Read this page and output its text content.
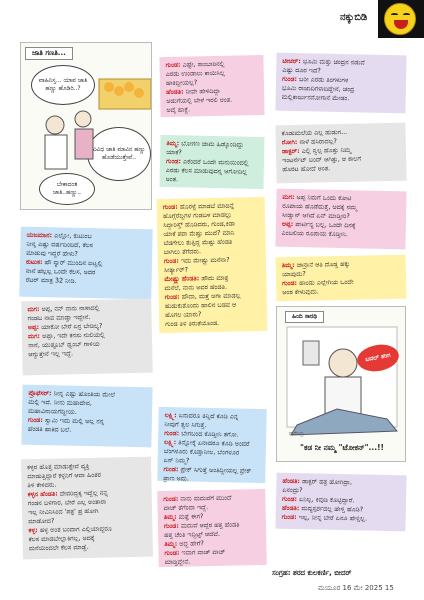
ನಕ್ಕುಬಿಡಿ
ಜಾತಿ ಗಣತಿ...
ವಾಹಿನಿಸ್ತ... ಯಾವ ಜಾತಿ ಹಣ್ಣು ಹೊಡಿರಿ..?
ವಿವಿಧ ಜಾತಿ ಮಾವಿನ ಹಣ್ಣು ಹೊಡೆಯುತ್ತೇವೆ..
ಬೇಕಾದಂತ ಜಾತಿ..ಹಣ್ಣು..
ಯಜಮಾನ: ಎಲ್ಲೋ, ಕುಟುಂಬ
ನೀನ್ನ ಎಷ್ಟು ವರ್ಷದಿಂದಿದೆ, ಕೆಲಸ
ಮಾಡುವು ಇದ್ದರೆ ಹೇಳು?
ಕುಟುಕ: ಹೌ ಸ್ಯಾರ್ ಮುಂದಿನ ಐಟ್ವಲ್ಲಿ
ನಾನೆ ಹೆಲ್ಲಲ್ಲ ಒಂದೇ ಕೆಲಸ, ಅದರ
ರೆಟರ್ ಮಾತ್ರ 32 ನೀಡಿ.
ಮಗ: ಅಪ್ಪ, ನನ್ ನಾನು ನಾಸಾದಲ್ಲಿ
ಗಂಡಬ ನಾವ ಮಾಡ್ತಾ ಇದ್ದೇನೆ.
ಅಪ್ಪ: ಯಾಕೋ ಬೇರೆ ಏನ್ರ ಬೇಡಿಲ್ಯ?
ಮಗ: ಅಪ್ಪಾ, ಇದೇ ಕನಸು ನುಲಿಯಲ್ಲಿ
ನಾನೆ, ಯುತ್ಟೂಬ್ ಥ್ವಂಬ್ ಗಾಳಿಯ
ಆಗ್ಯುತ್ತೇನೆ ಇಲ್ಲ ಇದ್ದೆ.
ಪ್ರೊಫೆಸರ್: ನೀನ್ನ ಎಷ್ಟು ಹೊಂತಿಯ ಮೇಲೆ
ಮಲ್ಲಿ ಇದೆ. ನೀನು ಮಹಾದೇವ,
ಮಹಾವಿನಾಯಗೆದ್ದೀಯ.
ಗುಂಡ: ಸ್ವಾಮಿ ಇದು ಮಲ್ಲಿ ಅಲ್ಲ ನನ್ನ
ಹೆಂಡತಿ ಹಾಕಿದ ಬಲೆ.
ಕಳ್ಳರ ಹೊತ್ತ ಮಾಡುತ್ತೇವೆ ವ್ಯಕ್ತಿ
ಮಾಡುತ್ತಿದ್ದಾರೆ ಕಳ್ಳನಿಗೆ ಆವಾ ಹಿಂತರ
ತಿಳಿ ಕೇಳಿದರು.
ಕಳ್ಳನ ಹೆಂಡತಿ: ದೇವರಿದ್ದಕ್ಕ ಇದ್ದೆಲ್ಲ ನನ್ನ
ಗಂಡನ ಬಳಿಗಾರ, ಬೇರೆ ಎಲ್ಲ ಅಂತಾರಾ
ಇಲ್ಲ ನೀವಿನಿಸಿಂದ 'ಪತ್ರ' ಪ್ರ ಹೋಗಿ
ಮಾಡೋದ?
ಕಳ್ಳ: ಹಳ್ಳ ಅಂತ ಬಂದಾಗ ಎಲ್ಲಿಯಾದ್ದರೂ
ಕೆಲಸ ಮಾಡಬೇಲ್ಲಾಕಿಗಲ್ಲ, ಅದಕ್ಕೆ
ಮನೆಯಿಂದಲೇ ಕೆಲಸ ಮಾಡ್ಡೆ.
ಗುಂಡ: ಎಷ್ಟೇ, ಸಾಂಬಾರಿನಲ್ಲಿ
ಎರಡು ಉಂಡಾಲು ಕಾಯಿಸಿಲ್ಲ
ಹಾಕಿದ್ದೀಯಲ್ಲ?
ಹೆಂಡತಿ: ನೀವೇ ಹೇಳಿದಿದ್ದಾ
ಅಡುಗೆಯಲ್ಲಿ ಬೇಳೆ ಇರಲಿ ಅಂತ.
ಅದ್ಕೆ ಹಾಕ್ದೆ.
ತಿಮ್ಮ: ಬೋಗಣ ಜಾಮ ಹಿಡ್ಕೊಂಡಿದ್ದು
ಯಾಕೆ?
ಗುಂಡ: ಎಕೆಂದರೆ ಒಂದೇ ಮನುಯಿಂದಲ್ಲಿ
ಎರಡು ಕೆಲಸ ಮಾಡುವುದನ್ನ ಆಗೋದಿಲ್ಲ
ಅಂತ.
ಗುಂಡ: ಹೊರಳ್ಟೆ ಮಾಡಬೆ ಮಾಡಿನ್ನೆ
ಹೊಗ್ಗೆರೆದ್ದಿಗಳ ಗುಡಬಳ ಮಾಡಲ್ಲು
ಸಿದ್ದಾರಿಸ್ತ್ ಹೊಡಿದರು, ಗುಂಡ,ಕಿಡಾ
ಯಾಕೆ ತಪಾ ಮೆಷ್ತು ಮುದೆ? ಮಾನಿ
ಬೆಡಗೇಲು ತುತ್ತಿದ್ದ ಮೆಷ್ಟು ಹೆಂಡತಿ
ಬಾಗಿಲು ತೆಗೆದರು.
ಗುಂಡ: ಇದು ಮೇಷ್ಟ್ರು ಮನೆನಾ?
ಸೀರ್ತ್ಯಾರ್?
ಮೇಷ್ಟ್ರು ಹೆಂಡತಿ: ಹೌದು ಮಾತ್ರ
ಮನೆಲೆ, ನಾನು ಅವರ ಹೆಂಡತಿ.
ಗುಂಡ: ಹೌದಾ, ಮತ್ತೆ ಅಗಾ ಮಾಡಲ್ಲ
ಹುಡುಕುತೊಂದು ಹಾಲಿನ ಬಡವ ಆ
ಹೊಗಲ ಯಾರು?
ಗುಂಡ ತಿಳಿ ತಿರುತೆಯೊಂಡ.
ಲಕ್ಷ್ಮಿ: ಏನಾದರೂ ತಿನ್ನಿದೆ ಕೊಡಿ ಎನ್ನ
ನೀವುಗೆ ತ್ವಲ ಸಿಗುತ್ತೆ.
ಗುಂಡ: ಬೇಗಬಂದ ಕೊಡ್ತೀನಿ ತಗೋ.
ಲಕ್ಷ್ಮಿ: ತಿನ್ನೋಕ್ಕೆ ಏನಾದರೂ ಕೊಡಿ ಅಂದರೆ
ಬೆಂಗಳೂರು ಕೊಡ್ತಾನೀಲ, ಬೆಂಗಳೂರ
ಏನ್ ನಿಮ್ಮ?
ಗುಂಡ: ಪ್ರೇಕ್ ಸಿಗುತ್ತೆ ಅಂತಿದ್ದೀಯಲ್ಲ ಪ್ರೇಕ್
ಪ್ರಾಣ ಅದು.
ಗುಂಡ: ನಾನು ಮದುವೆಗೆ ಮುಂದೆ
ವಾಚ್ ತೆಗೆಂದಾ ಇದ್ದೆ.
ತಿಮ್ಮ: ಮತ್ತೆ ಈಗ?
ಗುಂಡ: ಮದುವೆ ಆದ್ದೆರ ಹತ್ತ ಹೆಂಡತಿ
ಹತ್ತ ಚೆಂತಿ ಇದ್ದಿಟ್ಟ್ ಆದೆವೆ.
ತಿಮ್ಮ: ಅದ್ದ ಹೇಗೆ?
ಗುಂಡ: ಇವಾಗ ವಾಚ್ ವಾಚ್
ಮಾಡ್ತಿದ್ದೇನೆ.
ಟೀಚರ್: ಭೂಮಿ ಮತ್ತು ಚಂದ್ರನ ನಡುವೆ
ಎಷ್ಟು ದೂರ ಇದೆ?
ಗುಂಡ: ಬರೀ ಎರಡು ತಿಂಗಳುಗಳ
ಭೂಮಿ ರಾಜಾದಿಗಳಾದಿದ್ದೇನೆ, ಚಂದ್ರ
ಮಲ್ಲಿಕಾರ್ಜುನನೋಗಾನೆ ಮೇಡಂ.
ಕೊಡುಮಲೆಯ ಎಲ್ಲ ಹುಡುಗ...
ರೋಗಿ: ನಾಳೆ ಹಸಿರಾದಲ್ಲ?
ಡಾಕ್ಟರ್: ಎಲ್ಲಿ ಸ್ವಲ್ಪ ಹೊತ್ತು ನಿಮ್ಮ
ಇಂಟರ್ನೆಟ್ ಬಂದ್ ಆಗಿತ್ತು, ಆ ಕಾಲಗೆ
ಹೊರಟ ಹೋದೆ ಅಂತ.
ಮಗ: ಅಪ್ಪ ನಿಮಗೆ ಒಂದು ಕೋಟಿ
ರೂಪಾಯ ಹೊಡೆದುತ್ತೆ, ಅದಕ್ಕೆ ನಮ್ಮ
ಸೀಡ್ವಾನ್ ಆಗಿದೆ ಏನ್ ಮಾಡ್ತೀರಿ?
ಅಪ್ಪ: ಪಾರ್ಟಿನ್ಯ ಬಲ್ಲ, ಒಂದೇ ದಿನಕ್ಕೆ
ಎಂಬಲಿಯ ರೂಪಾಯ ಕೊಡ್ತೀನಿ.
ತಿಮ್ಮ: ಜಾನ್ರಾನೆ ಆತಿ ದೊಡ್ಡ ಹಕ್ಕು
ಯಾವುದು?
ಗುಂಡ: ಹಾಂಡು ಎಲ್ಲೇಗಿಯ ಒಂದೇ
ಅಂಶ ಕೇಳುವುದು.
ಹಿಂದಿ ಸಾರಥಿ
ಬದಲ್ ತರಿಗ
"ಕಡ ನೀ ನಮ್ಮ "ಟೋಕನ್"...!!
ನಾಗೇಂದ್ರ
ಹೆಂಡತಿ: ಡಾಕ್ಟರ್ ಹತ್ರ ಹೋಗಿದ್ರಾ,
ಏನಂದ್ರು?
ಗುಂಡ: ಏನಿಲ್ಲ, ಕಿವುಡಿ ಕೊಟ್ಟಿದ್ದಾರೆ.
ಹೆಂಡತಿ: ಮದ್ಯಸ್ಪರ್ಶದಲ್ಲ ಹೇಳ್ತಿ ಹೊಡಿ?
ಗುಂಡ: ಇಲ್ಲ, ನೀನ್ನ ಬೇರೆ ಏನೂ ಹೇಳ್ತಿಲ್ಲ.
ಸಂಗ್ರಹ: ಶರದ ಕುಲಕರ್ಣಿ, ಬೀದರ್
ಮಯೂರ 16 ಮೇ 2025 15
